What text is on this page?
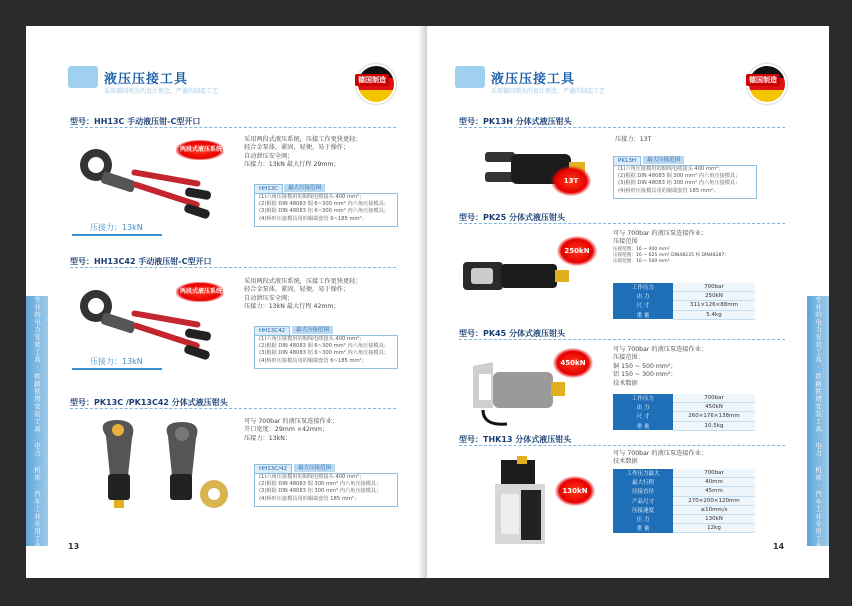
液压压接工具
采用德国领先的设计理念，严谨的制造工艺
德国制造
型号：HH13C 手动液压钳-C型开口
两段式液压系统化
压接力：13kN
采用两段式液压系统，压接工作更快更轻；
轻合金泵体，紧固，轻便，易于操作；
自动泄压安全阀；
压接力：13kN 最大行程 29mm；
HH13C	最大压接范围
(1)六角压接模用的铜线电缆接头 400 mm²；
(2)根据 DIN 48083 铜 6~300 mm² 内六角压接模具；
(3)根据 DIN 48083 铝 6~300 mm² 内六角压接模具；
(4)桥形压接模具用的铜端套管 6~185 mm²；
型号：HH13C42 手动液压钳-C型开口
两段式液压系统化
压接力：13kN
采用两段式液压系统，压接工作更快更轻；
轻合金泵体，紧固，轻便，易于操作；
自动泄压安全阀；
压接力：13kN 最大行程 42mm；
HH13C42	最大压接范围
(1)六角压接模用的铜线电缆接头 400 mm²；
(2)根据 DIN 48083 铜 6~300 mm² 内六角压接模具；
(3)根据 DIN 48083 铝 6~300 mm² 内六角压接模具；
(4)桥形压接模具用的铜端套管 6~185 mm²；
型号：PK13C /PK13C42 分体式液压钳头
可与 700bar 的液压泵连接作业；
开口宽度：29mm ×42mm；
压接力：13kN；
HH13C/42	最大压接范围
(1)六角压接模用的铜线电缆接头 400 mm²；
(2)根据 DIN 48083 铜 300 mm² 内六角压接模具；
(3)根据 DIN 48083 铝 300 mm² 内六角压接模具；
(4)桥形压接模具用的铜端套管 185 mm²；
13
专业的电力安装工具 · 铁路铁塔安装工具 · 电力 · 机床 · 汽车工业专用工具
液压压接工具
采用德国领先的设计理念，严谨的制造工艺
德国制造
型号：PK13H 分体式液压钳头
13T
压接力：13T
PK13H	最大压接范围
(1)六角压接模用的铜线电缆接头 400 mm²；
(2)根据 DIN 48083 铜 300 mm² 内六角压接模具；
(3)根据 DIN 48083 铝 300 mm² 内六角压接模具；
(4)桥形压接模具用的铜端套管 185 mm²；
型号：PK25 分体式液压钳头
250kN
可与 700bar 的液压泵连接作业；
压接范围
压接范围：16 ~ 400 mm²
压接范围：16 ~ 625 mm² DIN48235 和 DIN48287；
压接范围：10 ~ 500 mm²
工作压力	700bar
出 力	250kN
尺 寸	311×126×88mm
重 量	5.4kg
型号：PK45 分体式液压钳头
450kN
可与 700bar 的液压泵连接作业；
压接范围：
铜 150 ~ 500 mm²；
铝 150 ~ 300 mm²；
技术数据
工作压力	700bar
出 力	450kN
尺 寸	260×176×138mm
重 量	10.5kg
型号：THK13 分体式液压钳头
130kN
可与 700bar 的液压泵连接作业；
技术数据
工作压力最大	700bar
最大行程	40mm
压接直径	45mm
产品尺寸	270×200×120mm
压接速度	≤10mm/s
压 力	130kN
重 量	12kg
14	专业的电力安装工具 · 铁路铁塔安装工具 · 电力 · 机床 · 汽车工业专用工具
